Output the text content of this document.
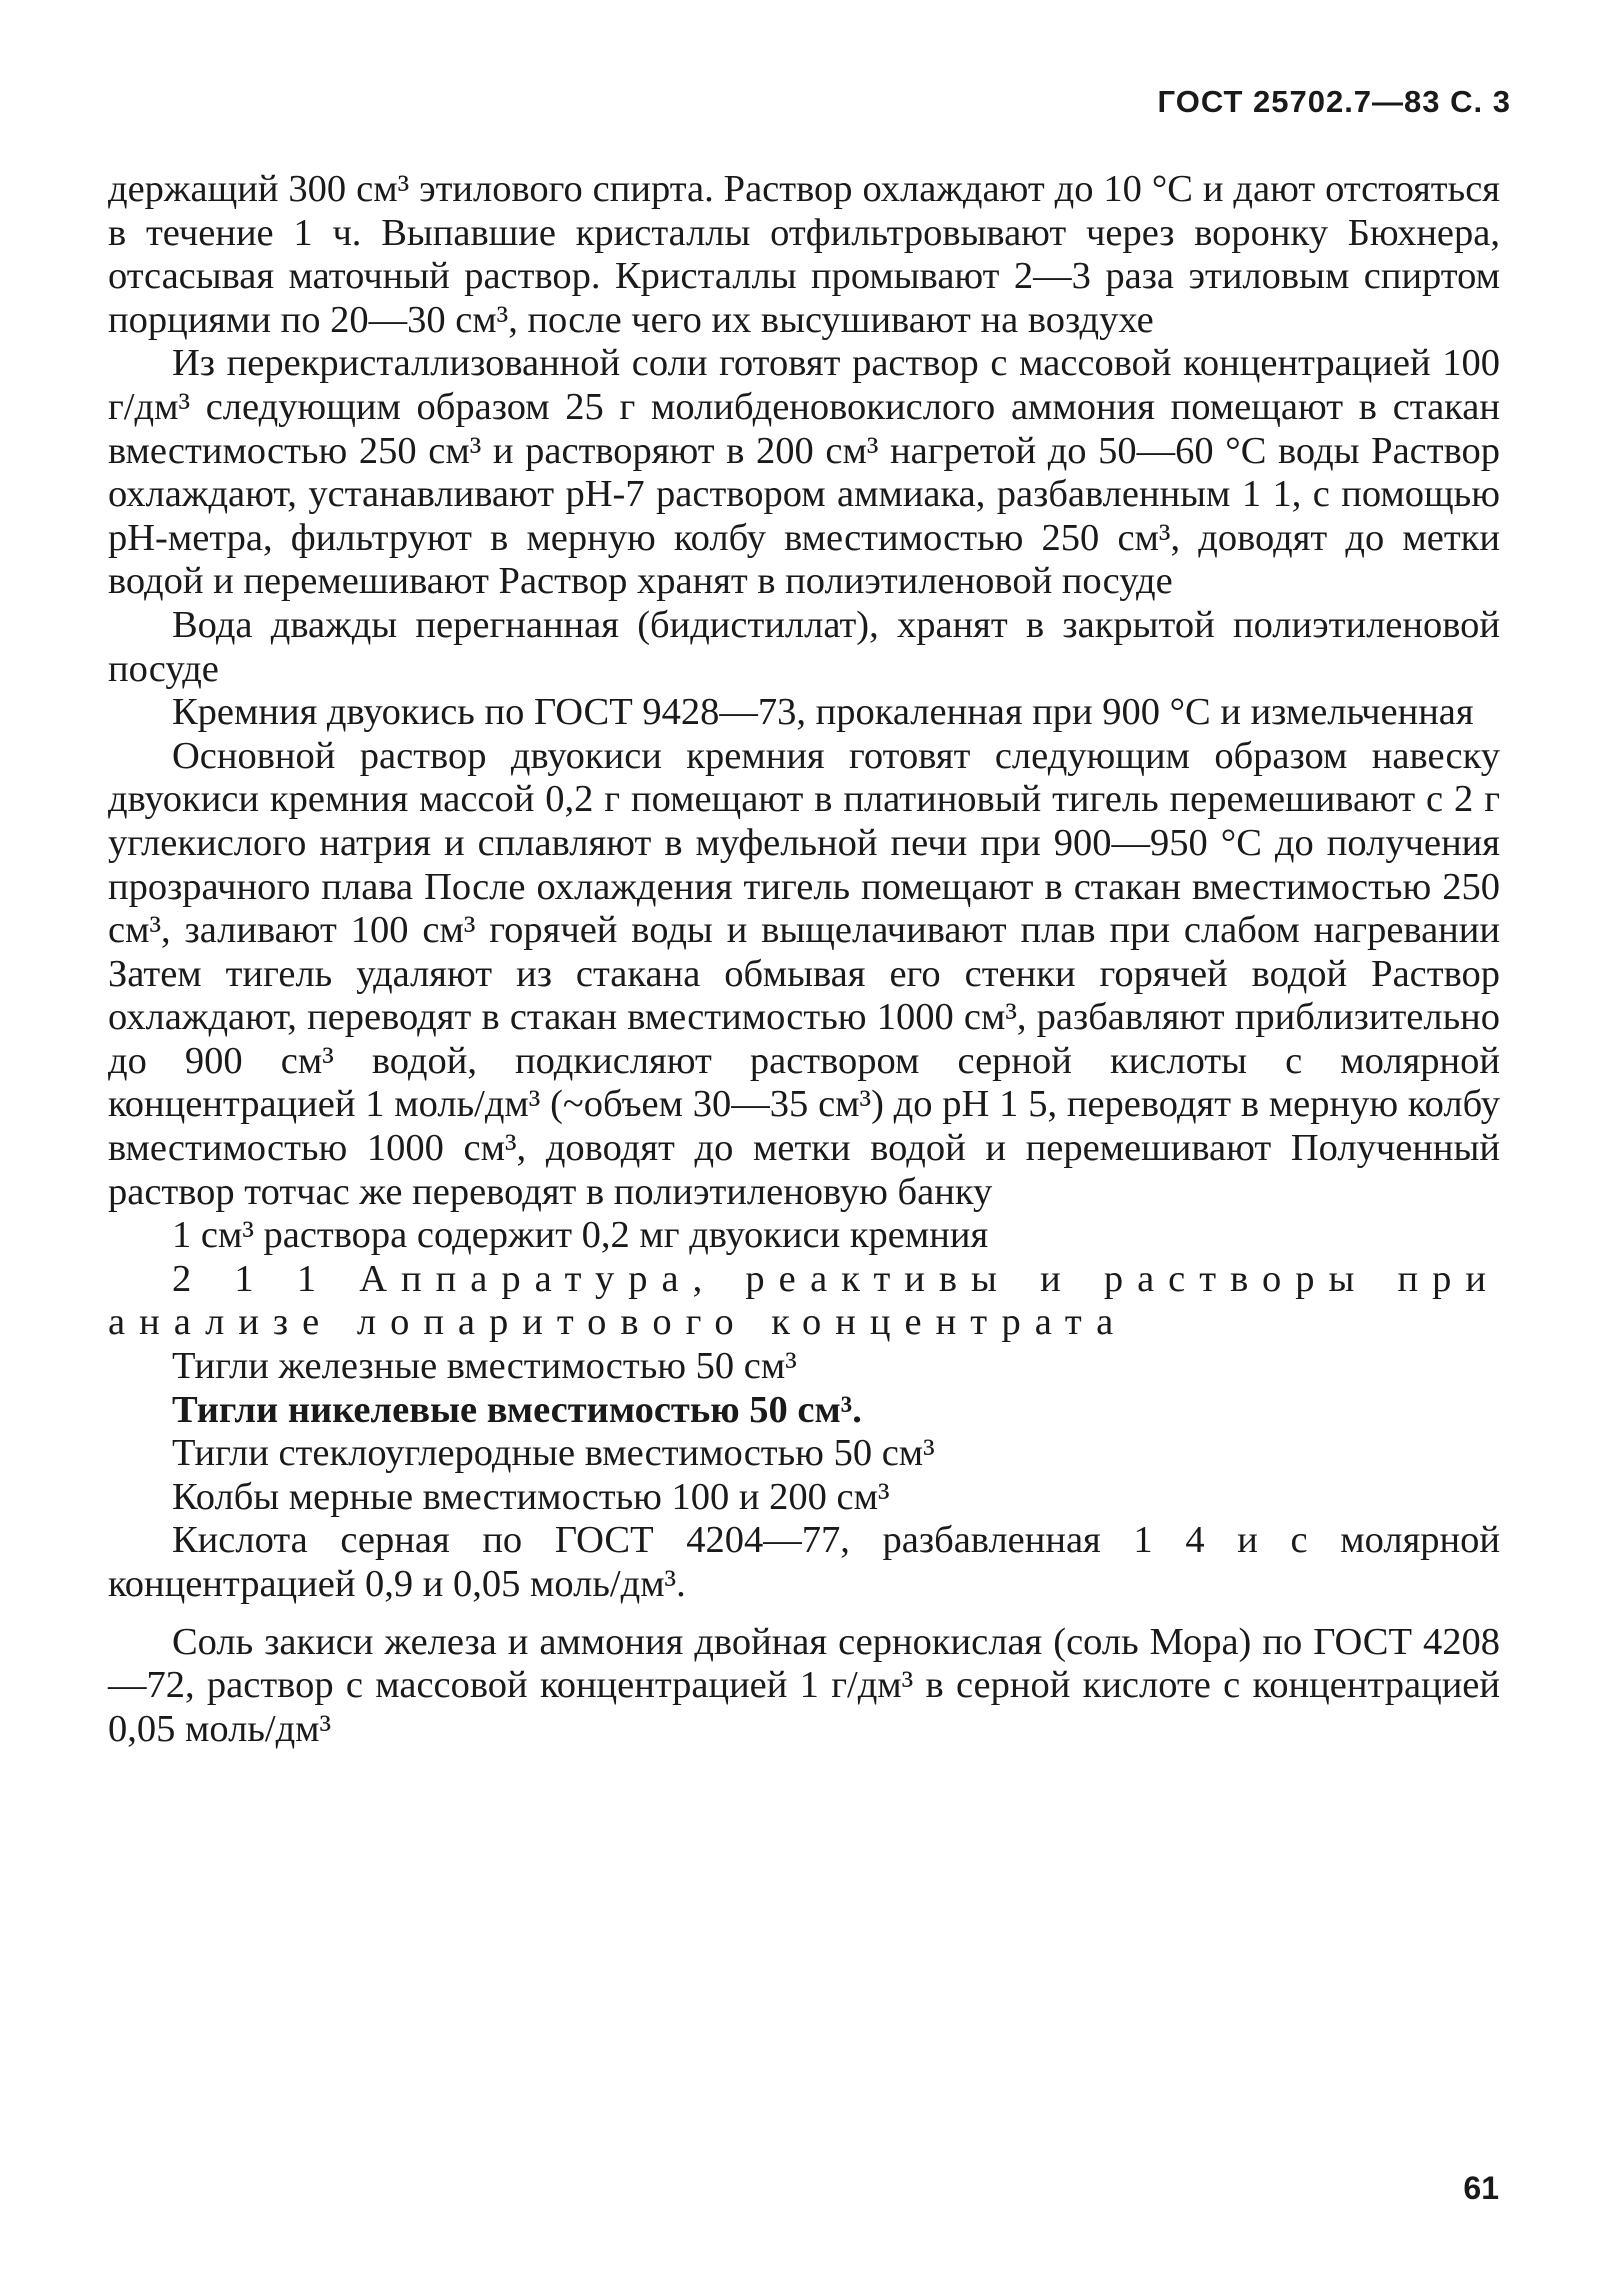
ГОСТ 25702.7—83 С. 3

держащий 300 см³ этилового спирта. Раствор охлаждают до 10 °С и дают отстояться в течение 1 ч. Выпавшие кристаллы отфильтровывают через воронку Бюхнера, отсасывая маточный раствор. Кристаллы промывают 2—3 раза этиловым спиртом порциями по 20—30 см³, после чего их высушивают на воздухе

Из перекристаллизованной соли готовят раствор с массовой концентрацией 100 г/дм³ следующим образом 25 г молибденовокислого аммония помещают в стакан вместимостью 250 см³ и растворяют в 200 см³ нагретой до 50—60 °С воды Раствор охлаждают, устанавливают рН-7 раствором аммиака, разбавленным 1 1, с помощью рН-метра, фильтруют в мерную колбу вместимостью 250 см³, доводят до метки водой и перемешивают Раствор хранят в полиэтиленовой посуде

Вода дважды перегнанная (бидистиллат), хранят в закрытой полиэтиленовой посуде

Кремния двуокись по ГОСТ 9428—73, прокаленная при 900 °С и измельченная

Основной раствор двуокиси кремния готовят следующим образом навеску двуокиси кремния массой 0,2 г помещают в платиновый тигель перемешивают с 2 г углекислого натрия и сплавляют в муфельной печи при 900—950 °С до получения прозрачного плава После охлаждения тигель помещают в стакан вместимостью 250 см³, заливают 100 см³ горячей воды и выщелачивают плав при слабом нагревании Затем тигель удаляют из стакана обмывая его стенки горячей водой Раствор охлаждают, переводят в стакан вместимостью 1000 см³, разбавляют приблизительно до 900 см³ водой, подкисляют раствором серной кислоты с молярной концентрацией 1 моль/дм³ (~объем 30—35 см³) до рН 1 5, переводят в мерную колбу вместимостью 1000 см³, доводят до метки водой и перемешивают Полученный раствор тотчас же переводят в полиэтиленовую банку

1 см³ раствора содержит 0,2 мг двуокиси кремния

2 1 1 Аппаратура, реактивы и растворы при анализе лопаритового концентрата

Тигли железные вместимостью 50 см³

Тигли никелевые вместимостью 50 см³.

Тигли стеклоуглеродные вместимостью 50 см³

Колбы мерные вместимостью 100 и 200 см³

Кислота серная по ГОСТ 4204—77, разбавленная 1 4 и с молярной концентрацией 0,9 и 0,05 моль/дм³.

Соль закиси железа и аммония двойная сернокислая (соль Мора) по ГОСТ 4208—72, раствор с массовой концентрацией 1 г/дм³ в серной кислоте с концентрацией 0,05 моль/дм³

61
